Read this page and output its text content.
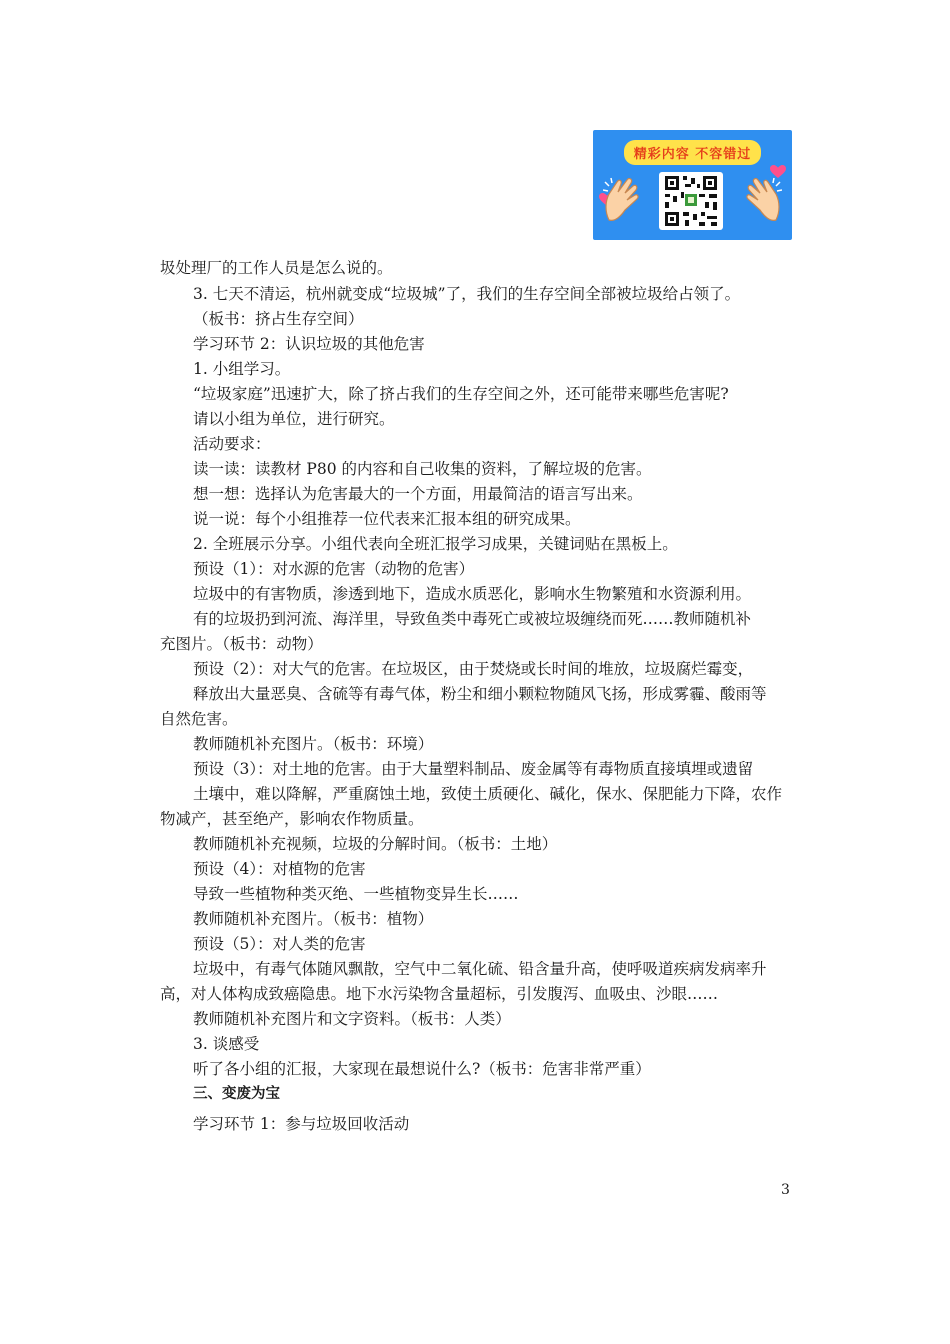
精彩内容 不容错过
圾处理厂的工作人员是怎么说的。
3. 七天不清运，杭州就变成“垃圾城”了，我们的生存空间全部被垃圾给占领了。
（板书：挤占生存空间）
学习环节 2：认识垃圾的其他危害
1. 小组学习。
“垃圾家庭”迅速扩大，除了挤占我们的生存空间之外，还可能带来哪些危害呢?
请以小组为单位，进行研究。
活动要求：
读一读：读教材 P80 的内容和自己收集的资料，了解垃圾的危害。
想一想：选择认为危害最大的一个方面，用最简洁的语言写出来。
说一说：每个小组推荐一位代表来汇报本组的研究成果。
2. 全班展示分享。小组代表向全班汇报学习成果，关键词贴在黑板上。
预设（1）：对水源的危害（动物的危害）
垃圾中的有害物质，渗透到地下，造成水质恶化，影响水生物繁殖和水资源利用。
有的垃圾扔到河流、海洋里，导致鱼类中毒死亡或被垃圾缠绕而死……教师随机补
充图片。（板书：动物）
预设（2）：对大气的危害。在垃圾区，由于焚烧或长时间的堆放，垃圾腐烂霉变，
释放出大量恶臭、含硫等有毒气体，粉尘和细小颗粒物随风飞扬，形成雾霾、酸雨等
自然危害。
教师随机补充图片。（板书：环境）
预设（3）：对土地的危害。由于大量塑料制品、废金属等有毒物质直接填埋或遗留
土壤中，难以降解，严重腐蚀土地，致使土质硬化、碱化，保水、保肥能力下降，农作
物减产，甚至绝产，影响农作物质量。
教师随机补充视频，垃圾的分解时间。（板书：土地）
预设（4）：对植物的危害
导致一些植物种类灭绝、一些植物变异生长……
教师随机补充图片。（板书：植物）
预设（5）：对人类的危害
垃圾中，有毒气体随风飘散，空气中二氧化硫、铅含量升高，使呼吸道疾病发病率升
高，对人体构成致癌隐患。地下水污染物含量超标，引发腹泻、血吸虫、沙眼……
教师随机补充图片和文字资料。（板书：人类）
3. 谈感受
听了各小组的汇报，大家现在最想说什么?（板书：危害非常严重）
三、变废为宝
学习环节 1：参与垃圾回收活动
3
